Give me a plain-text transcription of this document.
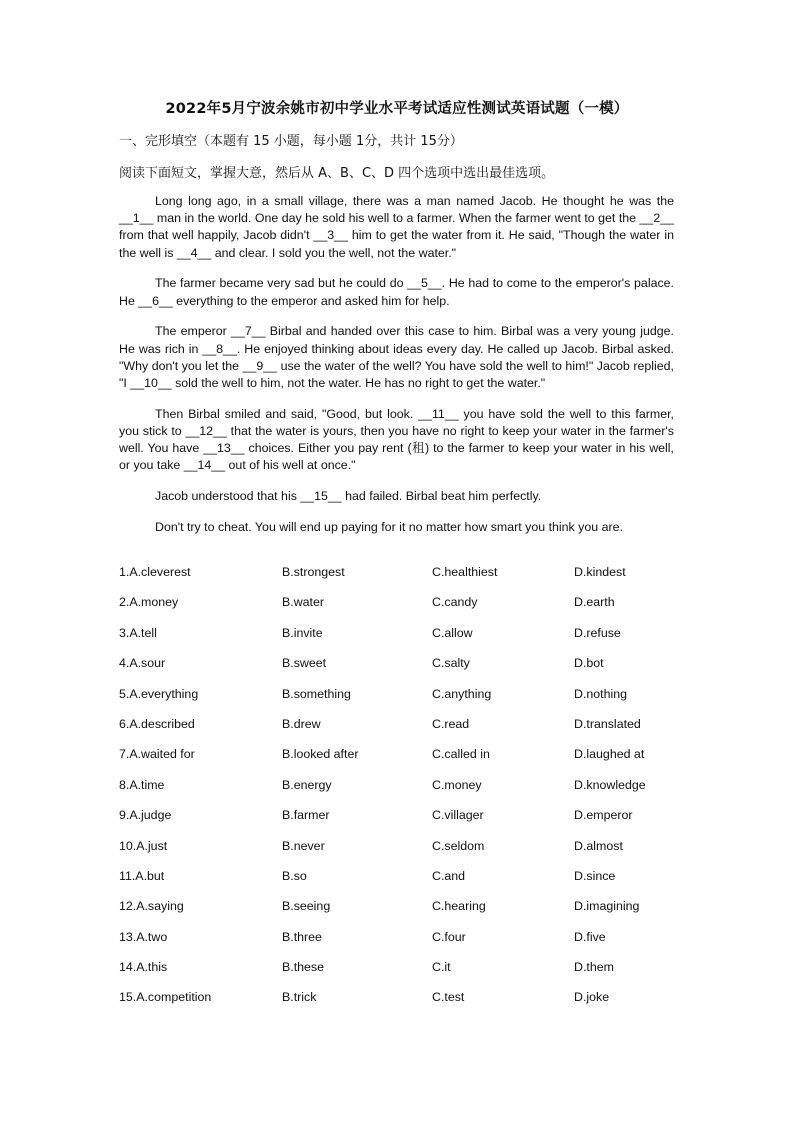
2022年5月宁波余姚市初中学业水平考试适应性测试英语试题（一模）
一、完形填空（本题有 15 小题，每小题 1分，共计 15分）
阅读下面短文，掌握大意，然后从 A、B、C、D 四个选项中选出最佳选项。

Long long ago, in a small village, there was a man named Jacob. He thought he was the __1__ man in the world. One day he sold his well to a farmer. When the farmer went to get the __2__ from that well happily, Jacob didn't __3__ him to get the water from it. He said, "Though the water in the well is __4__ and clear. I sold you the well, not the water."

The farmer became very sad but he could do __5__. He had to come to the emperor's palace. He __6__ everything to the emperor and asked him for help.

The emperor __7__ Birbal and handed over this case to him. Birbal was a very young judge. He was rich in __8__. He enjoyed thinking about ideas every day. He called up Jacob. Birbal asked. "Why don't you let the __9__ use the water of the well? You have sold the well to him!" Jacob replied, "I __10__ sold the well to him, not the water. He has no right to get the water."

Then Birbal smiled and said, "Good, but look. __11__ you have sold the well to this farmer, you stick to __12__ that the water is yours, then you have no right to keep your water in the farmer's well. You have __13__ choices. Either you pay rent (租) to the farmer to keep your water in his well, or you take __14__ out of his well at once."

Jacob understood that his __15__ had failed. Birbal beat him perfectly.

Don't try to cheat. You will end up paying for it no matter how smart you think you are.

1.A.cleverest	B.strongest	C.healthiest	D.kindest
2.A.money	B.water	C.candy	D.earth
3.A.tell	B.invite	C.allow	D.refuse
4.A.sour	B.sweet	C.salty	D.bot
5.A.everything	B.something	C.anything	D.nothing
6.A.described	B.drew	C.read	D.translated
7.A.waited for	B.looked after	C.called in	D.laughed at
8.A.time	B.energy	C.money	D.knowledge
9.A.judge	B.farmer	C.villager	D.emperor
10.A.just	B.never	C.seldom	D.almost
11.A.but	B.so	C.and	D.since
12.A.saying	B.seeing	C.hearing	D.imagining
13.A.two	B.three	C.four	D.five
14.A.this	B.these	C.it	D.them
15.A.competition	B.trick	C.test	D.joke
